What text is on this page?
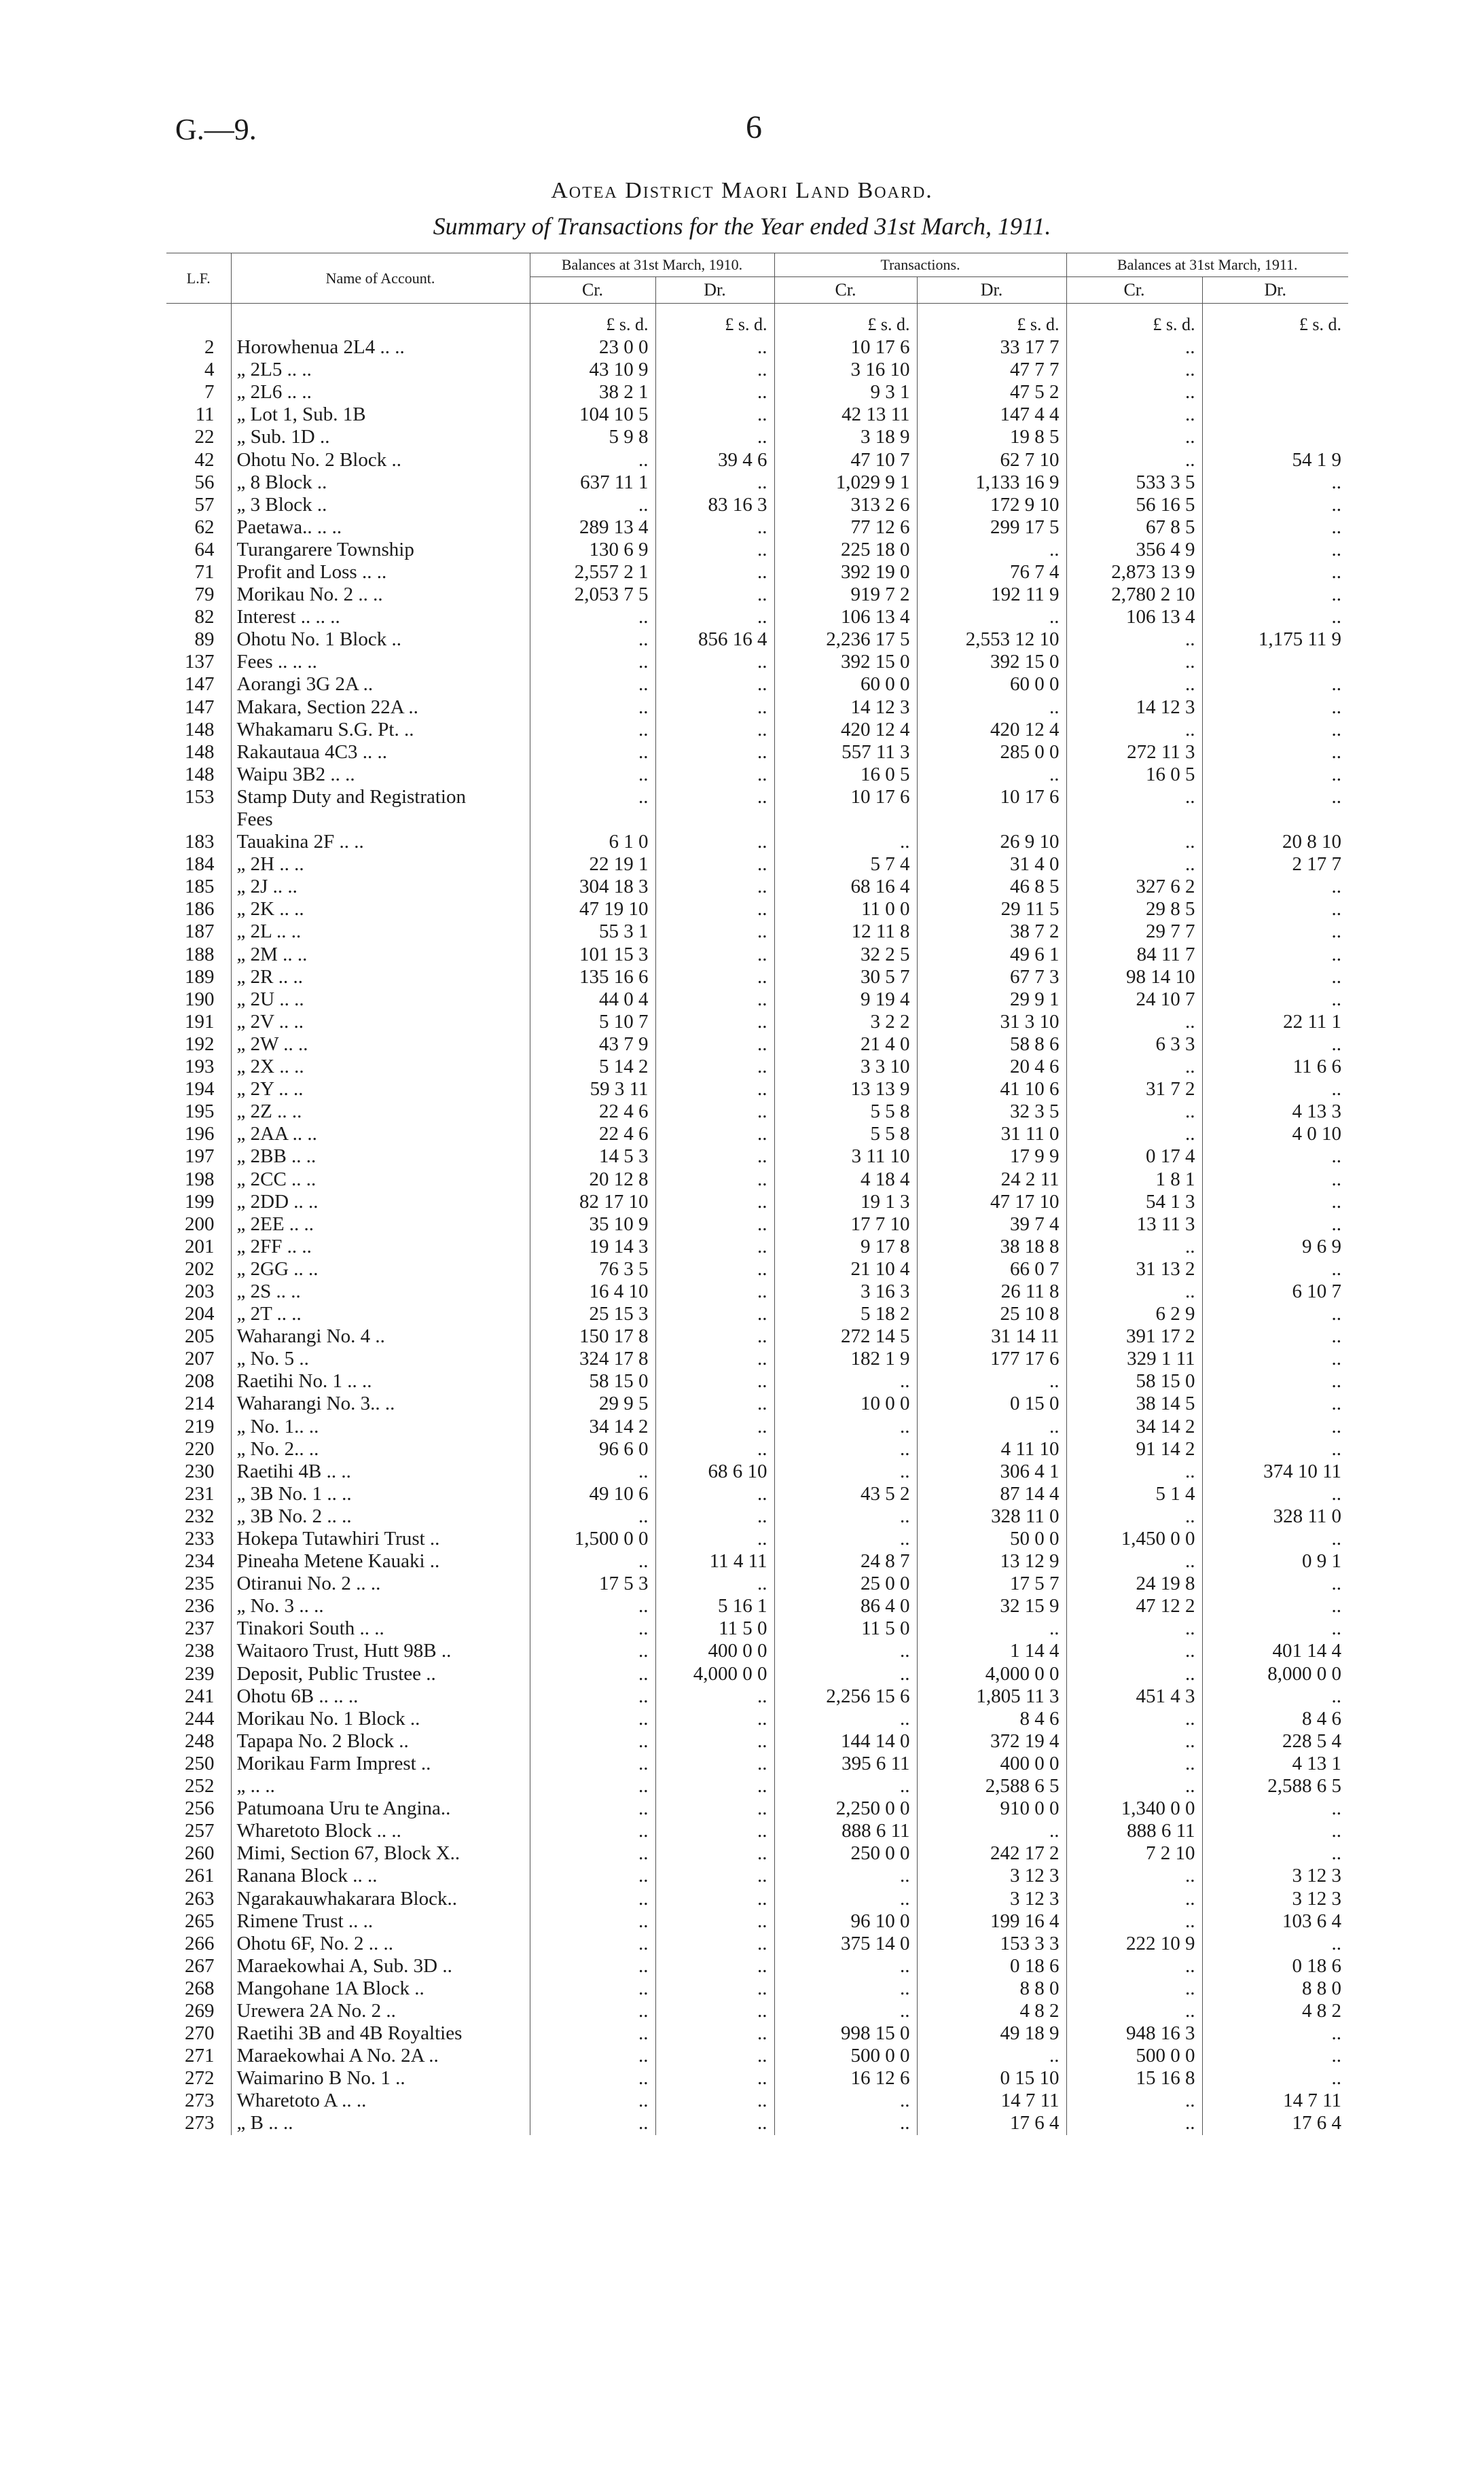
G.—9.	6
Aotea District Maori Land Board.
Summary of Transactions for the Year ended 31st March, 1911.
L.F.	Name of Account.	Balances at 31st March, 1910.		Transactions.		Balances at 31st March, 1911.	
		Cr.	Dr.	Cr.	Dr.	Cr.	Dr.

		£ s. d.	£ s. d.	£ s. d.	£ s. d.	£ s. d.	£ s. d.
2	Horowhenua 2L4 .. ..	23 0 0	..	10 17 6	33 17 7	..	
4	„ 2L5 .. ..	43 10 9	..	3 16 10	47 7 7	..	
7	„ 2L6 .. ..	38 2 1	..	9 3 1	47 5 2	..	
11	„ Lot 1, Sub. 1B	104 10 5	..	42 13 11	147 4 4	..	
22	„ Sub. 1D ..	5 9 8	..	3 18 9	19 8 5	..	
42	Ohotu No. 2 Block ..	..	39 4 6	47 10 7	62 7 10	..	54 1 9
56	„ 8 Block ..	637 11 1	..	1,029 9 1	1,133 16 9	533 3 5	..
57	„ 3 Block ..	..	83 16 3	313 2 6	172 9 10	56 16 5	..
62	Paetawa.. .. ..	289 13 4	..	77 12 6	299 17 5	67 8 5	..
64	Turangarere Township	130 6 9	..	225 18 0	..	356 4 9	..
71	Profit and Loss .. ..	2,557 2 1	..	392 19 0	76 7 4	2,873 13 9	..
79	Morikau No. 2 .. ..	2,053 7 5	..	919 7 2	192 11 9	2,780 2 10	..
82	Interest .. .. ..	..	..	106 13 4	..	106 13 4	..
89	Ohotu No. 1 Block ..	..	856 16 4	2,236 17 5	2,553 12 10	..	1,175 11 9
137	Fees .. .. ..	..	..	392 15 0	392 15 0	..	
147	Aorangi 3G 2A ..	..	..	60 0 0	60 0 0	..	..
147	Makara, Section 22A ..	..	..	14 12 3	..	14 12 3	..
148	Whakamaru S.G. Pt. ..	..	..	420 12 4	420 12 4	..	..
148	Rakautaua 4C3 .. ..	..	..	557 11 3	285 0 0	272 11 3	..
148	Waipu 3B2 .. ..	..	..	16 0 5	..	16 0 5	..
153	Stamp Duty and Registration	..	..	10 17 6	10 17 6	..	..
	Fees						
183	Tauakina 2F .. ..	6 1 0	..	..	26 9 10	..	20 8 10
184	„ 2H .. ..	22 19 1	..	5 7 4	31 4 0	..	2 17 7
185	„ 2J .. ..	304 18 3	..	68 16 4	46 8 5	327 6 2	..
186	„ 2K .. ..	47 19 10	..	11 0 0	29 11 5	29 8 5	..
187	„ 2L .. ..	55 3 1	..	12 11 8	38 7 2	29 7 7	..
188	„ 2M .. ..	101 15 3	..	32 2 5	49 6 1	84 11 7	..
189	„ 2R .. ..	135 16 6	..	30 5 7	67 7 3	98 14 10	..
190	„ 2U .. ..	44 0 4	..	9 19 4	29 9 1	24 10 7	..
191	„ 2V .. ..	5 10 7	..	3 2 2	31 3 10	..	22 11 1
192	„ 2W .. ..	43 7 9	..	21 4 0	58 8 6	6 3 3	..
193	„ 2X .. ..	5 14 2	..	3 3 10	20 4 6	..	11 6 6
194	„ 2Y .. ..	59 3 11	..	13 13 9	41 10 6	31 7 2	..
195	„ 2Z .. ..	22 4 6	..	5 5 8	32 3 5	..	4 13 3
196	„ 2AA .. ..	22 4 6	..	5 5 8	31 11 0	..	4 0 10
197	„ 2BB .. ..	14 5 3	..	3 11 10	17 9 9	0 17 4	..
198	„ 2CC .. ..	20 12 8	..	4 18 4	24 2 11	1 8 1	..
199	„ 2DD .. ..	82 17 10	..	19 1 3	47 17 10	54 1 3	..
200	„ 2EE .. ..	35 10 9	..	17 7 10	39 7 4	13 11 3	..
201	„ 2FF .. ..	19 14 3	..	9 17 8	38 18 8	..	9 6 9
202	„ 2GG .. ..	76 3 5	..	21 10 4	66 0 7	31 13 2	..
203	„ 2S .. ..	16 4 10	..	3 16 3	26 11 8	..	6 10 7
204	„ 2T .. ..	25 15 3	..	5 18 2	25 10 8	6 2 9	..
205	Waharangi No. 4 ..	150 17 8	..	272 14 5	31 14 11	391 17 2	..
207	„ No. 5 ..	324 17 8	..	182 1 9	177 17 6	329 1 11	..
208	Raetihi No. 1 .. ..	58 15 0	..	..	..	58 15 0	..
214	Waharangi No. 3.. ..	29 9 5	..	10 0 0	0 15 0	38 14 5	..
219	„ No. 1.. ..	34 14 2	..	..	..	34 14 2	..
220	„ No. 2.. ..	96 6 0	..	..	4 11 10	91 14 2	..
230	Raetihi 4B .. ..	..	68 6 10	..	306 4 1	..	374 10 11
231	„ 3B No. 1 .. ..	49 10 6	..	43 5 2	87 14 4	5 1 4	..
232	„ 3B No. 2 .. ..	..	..	..	328 11 0	..	328 11 0
233	Hokepa Tutawhiri Trust ..	1,500 0 0	..	..	50 0 0	1,450 0 0	..
234	Pineaha Metene Kauaki ..	..	11 4 11	24 8 7	13 12 9	..	0 9 1
235	Otiranui No. 2 .. ..	17 5 3	..	25 0 0	17 5 7	24 19 8	..
236	„ No. 3 .. ..	..	5 16 1	86 4 0	32 15 9	47 12 2	..
237	Tinakori South .. ..	..	11 5 0	11 5 0	..	..	..
238	Waitaoro Trust, Hutt 98B ..	..	400 0 0	..	1 14 4	..	401 14 4
239	Deposit, Public Trustee ..	..	4,000 0 0	..	4,000 0 0	..	8,000 0 0
241	Ohotu 6B .. .. ..	..	..	2,256 15 6	1,805 11 3	451 4 3	..
244	Morikau No. 1 Block ..	..	..	..	8 4 6	..	8 4 6
248	Tapapa No. 2 Block ..	..	..	144 14 0	372 19 4	..	228 5 4
250	Morikau Farm Imprest ..	..	..	395 6 11	400 0 0	..	4 13 1
252	„ .. ..	..	..	..	2,588 6 5	..	2,588 6 5
256	Patumoana Uru te Angina..	..	..	2,250 0 0	910 0 0	1,340 0 0	..
257	Wharetoto Block .. ..	..	..	888 6 11	..	888 6 11	..
260	Mimi, Section 67, Block X..	..	..	250 0 0	242 17 2	7 2 10	..
261	Ranana Block .. ..	..	..	..	3 12 3	..	3 12 3
263	Ngarakauwhakarara Block..	..	..	..	3 12 3	..	3 12 3
265	Rimene Trust .. ..	..	..	96 10 0	199 16 4	..	103 6 4
266	Ohotu 6F, No. 2 .. ..	..	..	375 14 0	153 3 3	222 10 9	..
267	Maraekowhai A, Sub. 3D ..	..	..	..	0 18 6	..	0 18 6
268	Mangohane 1A Block ..	..	..	..	8 8 0	..	8 8 0
269	Urewera 2A No. 2 ..	..	..	..	4 8 2	..	4 8 2
270	Raetihi 3B and 4B Royalties	..	..	998 15 0	49 18 9	948 16 3	..
271	Maraekowhai A No. 2A ..	..	..	500 0 0	..	500 0 0	..
272	Waimarino B No. 1 ..	..	..	16 12 6	0 15 10	15 16 8	..
273	Wharetoto A .. ..	..	..	..	14 7 11	..	14 7 11
273	„ B .. ..	..	..	..	17 6 4	..	17 6 4
